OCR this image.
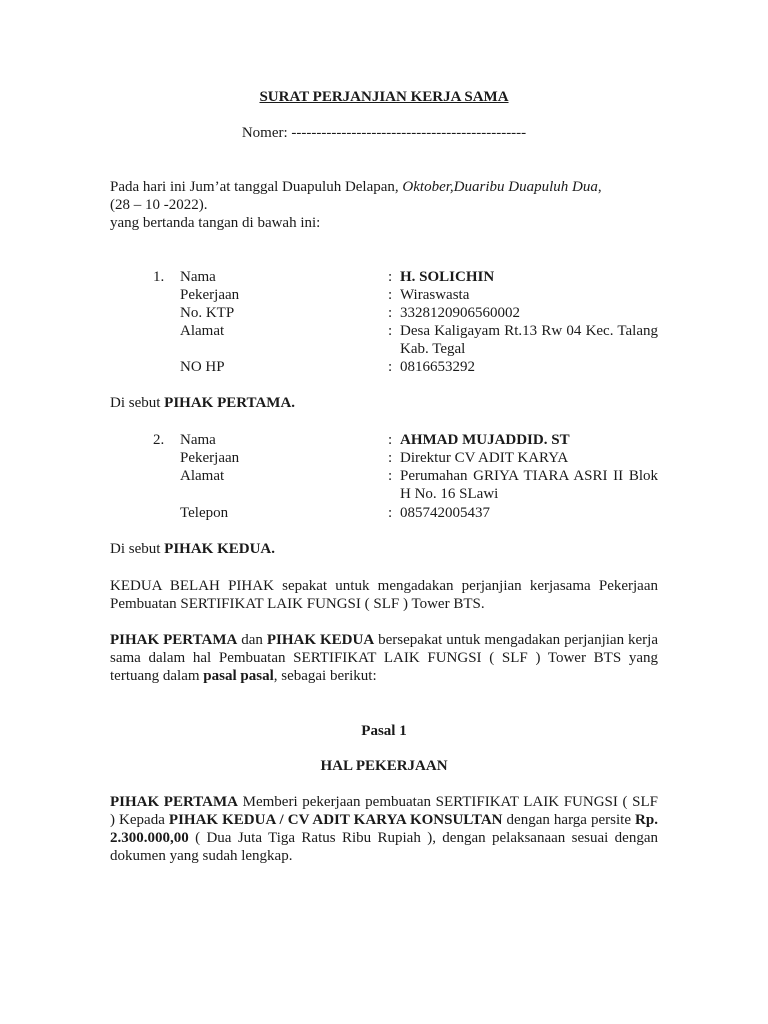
SURAT PERJANJIAN KERJA SAMA
Nomer: -----------------------------------------------
Pada hari ini Jum’at tanggal Duapuluh Delapan, Oktober,Duaribu Duapuluh Dua,
(28 – 10 -2022).
yang bertanda tangan di bawah ini:
1. Nama	: H. SOLICHIN
Pekerjaan	: Wiraswasta
No. KTP	: 3328120906560002
Alamat	: Desa Kaligayam Rt.13 Rw 04 Kec. Talang Kab. Tegal
NO HP	: 0816653292
Di sebut PIHAK PERTAMA.
2. Nama	: AHMAD MUJADDID. ST
Pekerjaan	: Direktur CV ADIT KARYA
Alamat	: Perumahan GRIYA TIARA ASRI II Blok H No. 16 SLawi
Telepon	: 085742005437
Di sebut PIHAK KEDUA.
KEDUA BELAH PIHAK sepakat untuk mengadakan perjanjian kerjasama Pekerjaan Pembuatan SERTIFIKAT LAIK FUNGSI ( SLF ) Tower BTS.
PIHAK PERTAMA dan PIHAK KEDUA bersepakat untuk mengadakan perjanjian kerja sama dalam hal Pembuatan SERTIFIKAT LAIK FUNGSI ( SLF ) Tower BTS yang tertuang dalam pasal pasal, sebagai berikut:
Pasal 1
HAL PEKERJAAN
PIHAK PERTAMA Memberi pekerjaan pembuatan SERTIFIKAT LAIK FUNGSI ( SLF ) Kepada PIHAK KEDUA / CV ADIT KARYA KONSULTAN dengan harga persite Rp. 2.300.000,00 ( Dua Juta Tiga Ratus Ribu Rupiah ), dengan pelaksanaan sesuai dengan dokumen yang sudah lengkap.
